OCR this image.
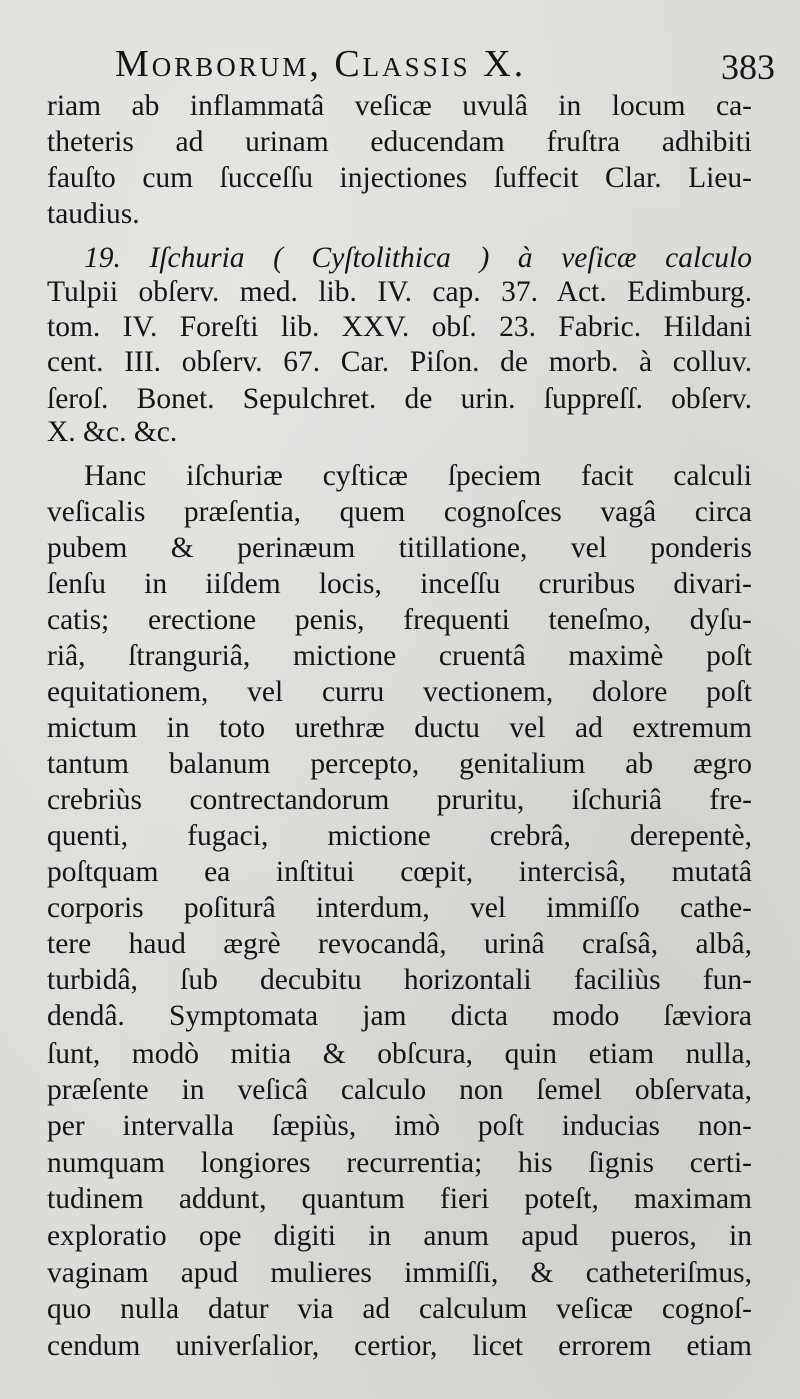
Morborum, Classis X.	383
riam ab inflammatâ veſicæ uvulâ in locum ca-
theteris ad urinam educendam fruſtra adhibiti
fauſto cum ſucceſſu injectiones ſuffecit Clar. Lieu-
taudius.
19. Iſchuria ( Cyſtolithica ) à veſicæ calculo
Tulpii obſerv. med. lib. IV. cap. 37. Act. Edimburg.
tom. IV. Foreſti lib. XXV. obſ. 23. Fabric. Hildani
cent. III. obſerv. 67. Car. Piſon. de morb. à colluv.
ſeroſ. Bonet. Sepulchret. de urin. ſuppreſſ. obſerv.
X. &c. &c.
Hanc iſchuriæ cyſticæ ſpeciem facit calculi
veſicalis præſentia, quem cognoſces vagâ circa
pubem & perinæum titillatione, vel ponderis
ſenſu in iiſdem locis, inceſſu cruribus divari-
catis; erectione penis, frequenti teneſmo, dyſu-
riâ, ſtranguriâ, mictione cruentâ maximè poſt
equitationem, vel curru vectionem, dolore poſt
mictum in toto urethræ ductu vel ad extremum
tantum balanum percepto, genitalium ab ægro
crebriùs contrectandorum pruritu, iſchuriâ fre-
quenti, fugaci, mictione crebrâ, derepentè,
poſtquam ea inſtitui cœpit, intercisâ, mutatâ
corporis poſiturâ interdum, vel immiſſo cathe-
tere haud ægrè revocandâ, urinâ craſsâ, albâ,
turbidâ, ſub decubitu horizontali faciliùs fun-
dendâ. Symptomata jam dicta modo ſæviora
ſunt, modò mitia & obſcura, quin etiam nulla,
præſente in veſicâ calculo non ſemel obſervata,
per intervalla ſæpiùs, imò poſt inducias non-
numquam longiores recurrentia; his ſignis certi-
tudinem addunt, quantum fieri poteſt, maximam
exploratio ope digiti in anum apud pueros, in
vaginam apud mulieres immiſſi, & catheteriſmus,
quo nulla datur via ad calculum veſicæ cognoſ-
cendum univerſalior, certior, licet errorem etiam
